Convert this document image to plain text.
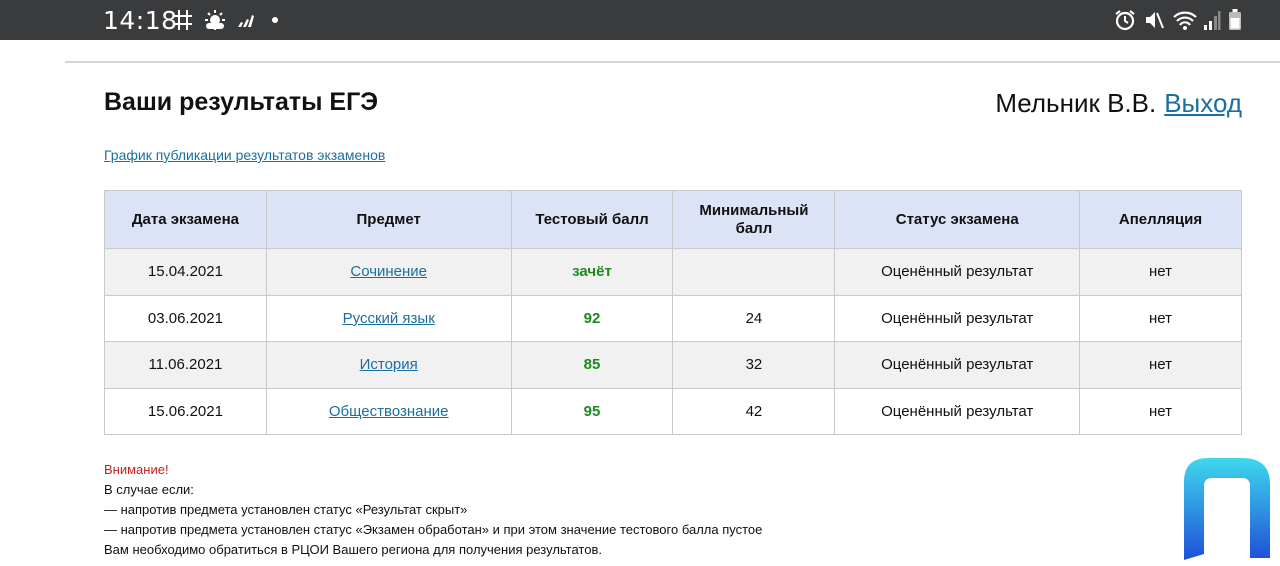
14:18
Ваши результаты ЕГЭ	Мельник В.В. Выход
График публикации результатов экзаменов
Дата экзамена	Предмет	Тестовый балл	Минимальный балл	Статус экзамена	Апелляция
15.04.2021	Сочинение	зачёт		Оценённый результат	нет
03.06.2021	Русский язык	92	24	Оценённый результат	нет
11.06.2021	История	85	32	Оценённый результат	нет
15.06.2021	Обществознание	95	42	Оценённый результат	нет
Внимание!
В случае если:
— напротив предмета установлен статус «Результат скрыт»
— напротив предмета установлен статус «Экзамен обработан» и при этом значение тестового балла пустое
Вам необходимо обратиться в РЦОИ Вашего региона для получения результатов.
